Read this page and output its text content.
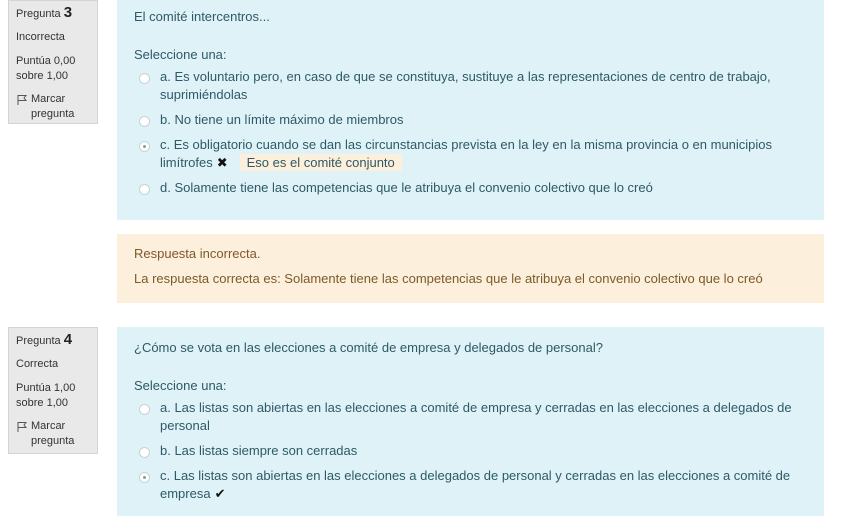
Pregunta 3
Incorrecta
Puntúa 0,00 sobre 1,00
Marcar pregunta
El comité intercentros...
Seleccione una:
a. Es voluntario pero, en caso de que se constituya, sustituye a las representaciones de centro de trabajo, suprimiéndolas
b. No tiene un límite máximo de miembros
c. Es obligatorio cuando se dan las circunstancias prevista en la ley en la misma provincia o en municipios limítrofes ✖ Eso es el comité conjunto
d. Solamente tiene las competencias que le atribuya el convenio colectivo que lo creó
Respuesta incorrecta.
La respuesta correcta es: Solamente tiene las competencias que le atribuya el convenio colectivo que lo creó
Pregunta 4
Correcta
Puntúa 1,00 sobre 1,00
Marcar pregunta
¿Cómo se vota en las elecciones a comité de empresa y delegados de personal?
Seleccione una:
a. Las listas son abiertas en las elecciones a comité de empresa y cerradas en las elecciones a delegados de personal
b. Las listas siempre son cerradas
c. Las listas son abiertas en las elecciones a delegados de personal y cerradas en las elecciones a comité de empresa ✔
